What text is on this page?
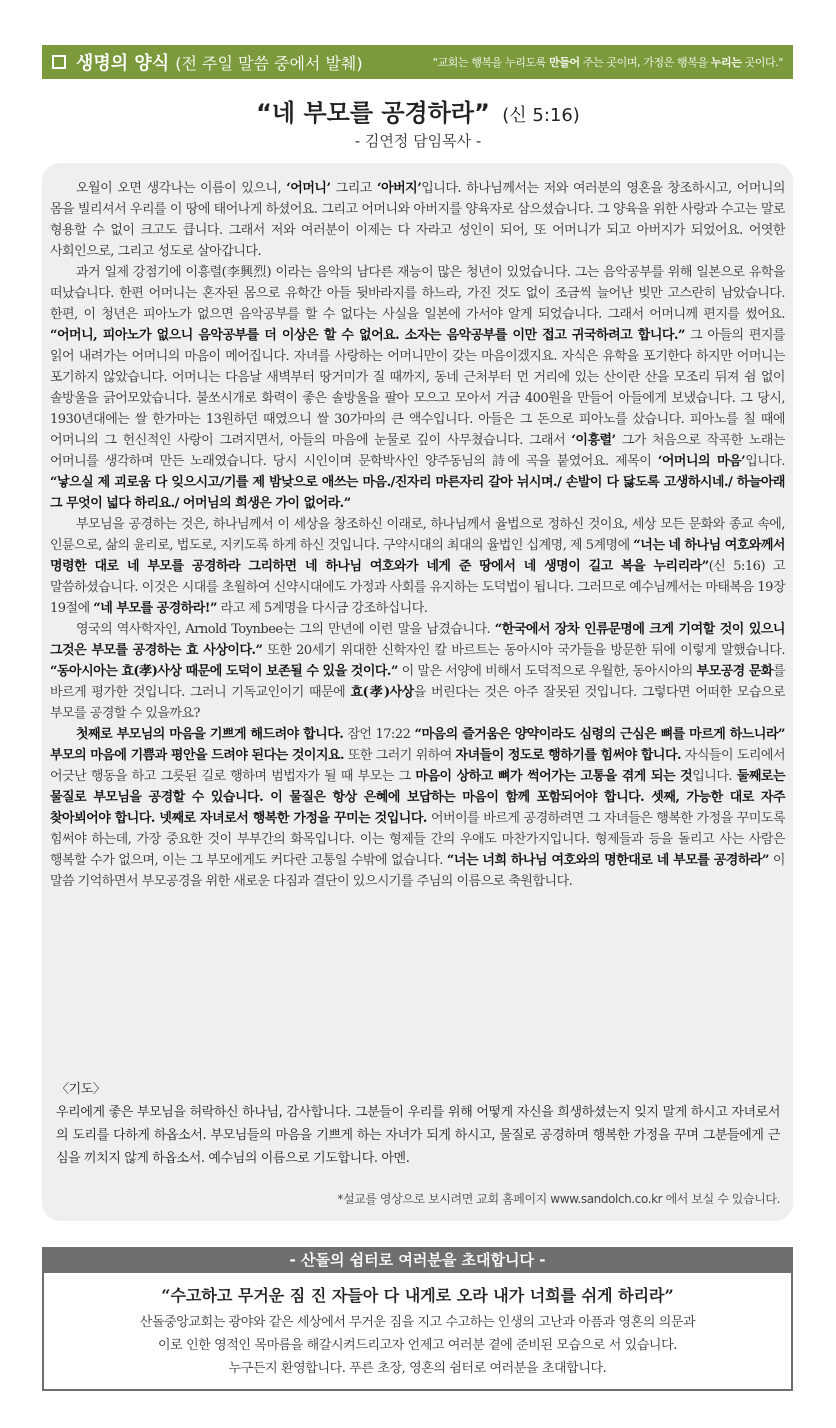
생명의 양식 (전 주일 말씀 중에서 발췌)	"교회는 행복을 누리도록 만들어 주는 곳이며, 가정은 행복을 누리는 곳이다."
“네 부모를 공경하라” (신 5:16)
- 김연정 담임목사 -

오월이 오면 생각나는 이름이 있으니, ‘어머니’ 그리고 ‘아버지’입니다. 하나님께서는 저와 여러분의 영혼을 창조하시고, 어머니의 몸을 빌리셔서 우리를 이 땅에 태어나게 하셨어요. 그리고 어머니와 아버지를 양육자로 삼으셨습니다. 그 양육을 위한 사랑과 수고는 말로 형용할 수 없이 크고도 큽니다. 그래서 저와 여러분이 이제는 다 자라고 성인이 되어, 또 어머니가 되고 아버지가 되었어요. 어엿한 사회인으로, 그리고 성도로 살아갑니다.

과거 일제 강점기에 이흥렬(李興烈) 이라는 음악의 남다른 재능이 많은 청년이 있었습니다. 그는 음악공부를 위해 일본으로 유학을 떠났습니다. 한편 어머니는 혼자된 몸으로 유학간 아들 뒷바라지를 하느라, 가진 것도 없이 조금씩 늘어난 빚만 고스란히 남았습니다. 한편, 이 청년은 피아노가 없으면 음악공부를 할 수 없다는 사실을 일본에 가서야 알게 되었습니다. 그래서 어머니께 편지를 썼어요. “어머니, 피아노가 없으니 음악공부를 더 이상은 할 수 없어요. 소자는 음악공부를 이만 접고 귀국하려고 합니다.” 그 아들의 편지를 읽어 내려가는 어머니의 마음이 메어집니다. 자녀를 사랑하는 어머니만이 갖는 마음이겠지요. 자식은 유학을 포기한다 하지만 어머니는 포기하지 않았습니다. 어머니는 다음날 새벽부터 땅거미가 질 때까지, 동네 근처부터 먼 거리에 있는 산이란 산을 모조리 뒤져 쉼 없이 솔방울을 긁어모았습니다. 불쏘시개로 화력이 좋은 솔방울을 팔아 모으고 모아서 거금 400원을 만들어 아들에게 보냈습니다. 그 당시, 1930년대에는 쌀 한가마는 13원하던 때였으니 쌀 30가마의 큰 액수입니다. 아들은 그 돈으로 피아노를 샀습니다. 피아노를 칠 때에 어머니의 그 헌신적인 사랑이 그려지면서, 아들의 마음에 눈물로 깊이 사무쳤습니다. 그래서 ‘이흥렬’ 그가 처음으로 작곡한 노래는 어머니를 생각하며 만든 노래였습니다. 당시 시인이며 문학박사인 양주동님의 詩에 곡을 붙였어요. 제목이 ‘어머니의 마음’입니다. “낳으실 제 괴로움 다 잊으시고/기를 제 밤낮으로 애쓰는 마음./진자리 마른자리 갈아 뉘시며./ 손발이 다 닳도록 고생하시네./ 하늘아래 그 무엇이 넓다 하리요./ 어머님의 희생은 가이 없어라.”

부모님을 공경하는 것은, 하나님께서 이 세상을 창조하신 이래로, 하나님께서 율법으로 정하신 것이요, 세상 모든 문화와 종교 속에, 인륜으로, 삶의 윤리로, 법도로, 지키도록 하게 하신 것입니다. 구약시대의 최대의 율법인 십계명, 제 5계명에 “너는 네 하나님 여호와께서 명령한 대로 네 부모를 공경하라 그리하면 네 하나님 여호와가 네게 준 땅에서 네 생명이 길고 복을 누리리라”(신 5:16) 고 말씀하셨습니다. 이것은 시대를 초월하여 신약시대에도 가정과 사회를 유지하는 도덕법이 됩니다. 그러므로 예수님께서는 마태복음 19장 19절에 “네 부모를 공경하라!” 라고 제 5계명을 다시금 강조하십니다.

영국의 역사학자인, Arnold Toynbee는 그의 만년에 이런 말을 남겼습니다. “한국에서 장차 인류문명에 크게 기여할 것이 있으니 그것은 부모를 공경하는 효 사상이다.” 또한 20세기 위대한 신학자인 칼 바르트는 동아시아 국가들을 방문한 뒤에 이렇게 말했습니다. “동아시아는 효(孝)사상 때문에 도덕이 보존될 수 있을 것이다.” 이 말은 서양에 비해서 도덕적으로 우월한, 동아시아의 부모공경 문화를 바르게 평가한 것입니다. 그러니 기독교인이기 때문에 효(孝)사상을 버린다는 것은 아주 잘못된 것입니다. 그렇다면 어떠한 모습으로 부모를 공경할 수 있을까요?

첫째로 부모님의 마음을 기쁘게 해드려야 합니다. 잠언 17:22 “마음의 즐거움은 양약이라도 심령의 근심은 뼈를 마르게 하느니라” 부모의 마음에 기쁨과 평안을 드려야 된다는 것이지요. 또한 그러기 위하여 자녀들이 정도로 행하기를 힘써야 합니다. 자식들이 도리에서 어긋난 행동을 하고 그릇된 길로 행하며 범법자가 될 때 부모는 그 마음이 상하고 뼈가 썩어가는 고통을 겪게 되는 것입니다. 둘째로는 물질로 부모님을 공경할 수 있습니다. 이 물질은 항상 은혜에 보답하는 마음이 함께 포함되어야 합니다. 셋째, 가능한 대로 자주 찾아뵈어야 합니다. 넷째로 자녀로서 행복한 가정을 꾸미는 것입니다. 어버이를 바르게 공경하려면 그 자녀들은 행복한 가정을 꾸미도록 힘써야 하는데, 가장 중요한 것이 부부간의 화목입니다. 이는 형제들 간의 우애도 마찬가지입니다. 형제들과 등을 돌리고 사는 사람은 행복할 수가 없으며, 이는 그 부모에게도 커다란 고통일 수밖에 없습니다. “너는 너희 하나님 여호와의 명한대로 네 부모를 공경하라” 이 말씀 기억하면서 부모공경을 위한 새로운 다짐과 결단이 있으시기를 주님의 이름으로 축원합니다.

〈기도〉

우리에게 좋은 부모님을 허락하신 하나님, 감사합니다. 그분들이 우리를 위해 어떻게 자신을 희생하셨는지 잊지 말게 하시고 자녀로서의 도리를 다하게 하옵소서. 부모님들의 마음을 기쁘게 하는 자녀가 되게 하시고, 물질로 공경하며 행복한 가정을 꾸며 그분들에게 근심을 끼치지 않게 하옵소서. 예수님의 이름으로 기도합니다. 아멘.

*설교를 영상으로 보시려면 교회 홈페이지 www.sandolch.co.kr 에서 보실 수 있습니다.
- 산돌의 쉼터로 여러분을 초대합니다 -
“수고하고 무거운 짐 진 자들아 다 내게로 오라 내가 너희를 쉬게 하리라”
산돌중앙교회는 광야와 같은 세상에서 무거운 짐을 지고 수고하는 인생의 고난과 아픔과 영혼의 의문과
이로 인한 영적인 목마름을 해갈시켜드리고자 언제고 여러분 곁에 준비된 모습으로 서 있습니다.
누구든지 환영합니다. 푸른 초장, 영혼의 쉼터로 여러분을 초대합니다.
